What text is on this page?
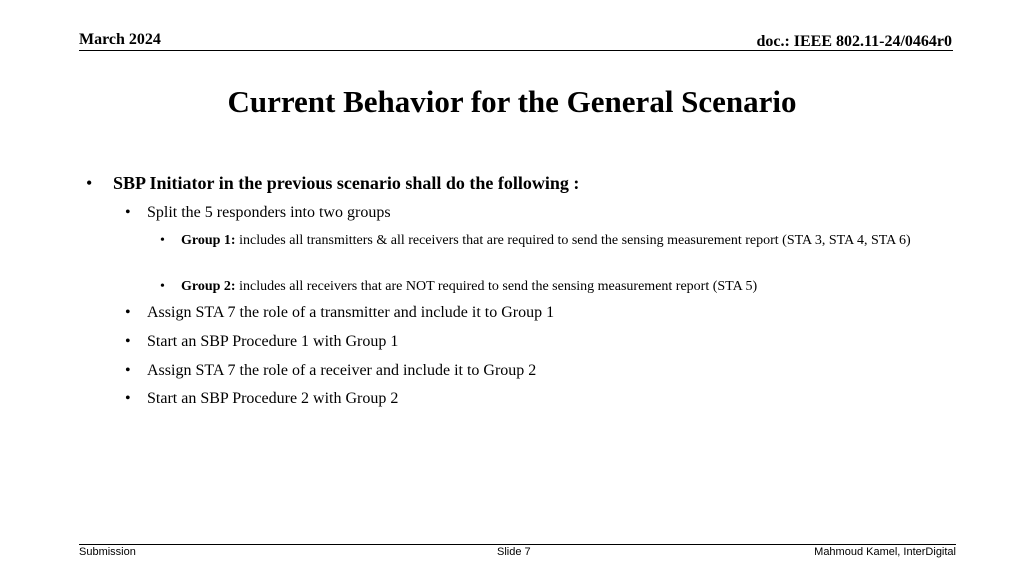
March 2024	doc.: IEEE 802.11-24/0464r0
Current Behavior for the General Scenario
•	SBP Initiator in the previous scenario shall do the following :
•	Split the 5 responders into two groups
•	Group 1: includes all transmitters & all receivers that are required to send the sensing measurement report (STA 3, STA 4, STA 6)
•	Group 2: includes all receivers that are NOT required to send the sensing measurement report (STA 5)
•	Assign STA 7 the role of a transmitter and include it to Group 1
•	Start an SBP Procedure 1 with Group 1
•	Assign STA 7 the role of a receiver and include it to Group 2
•	Start an SBP Procedure 2 with Group 2
Submission	Slide 7	Mahmoud Kamel, InterDigital
